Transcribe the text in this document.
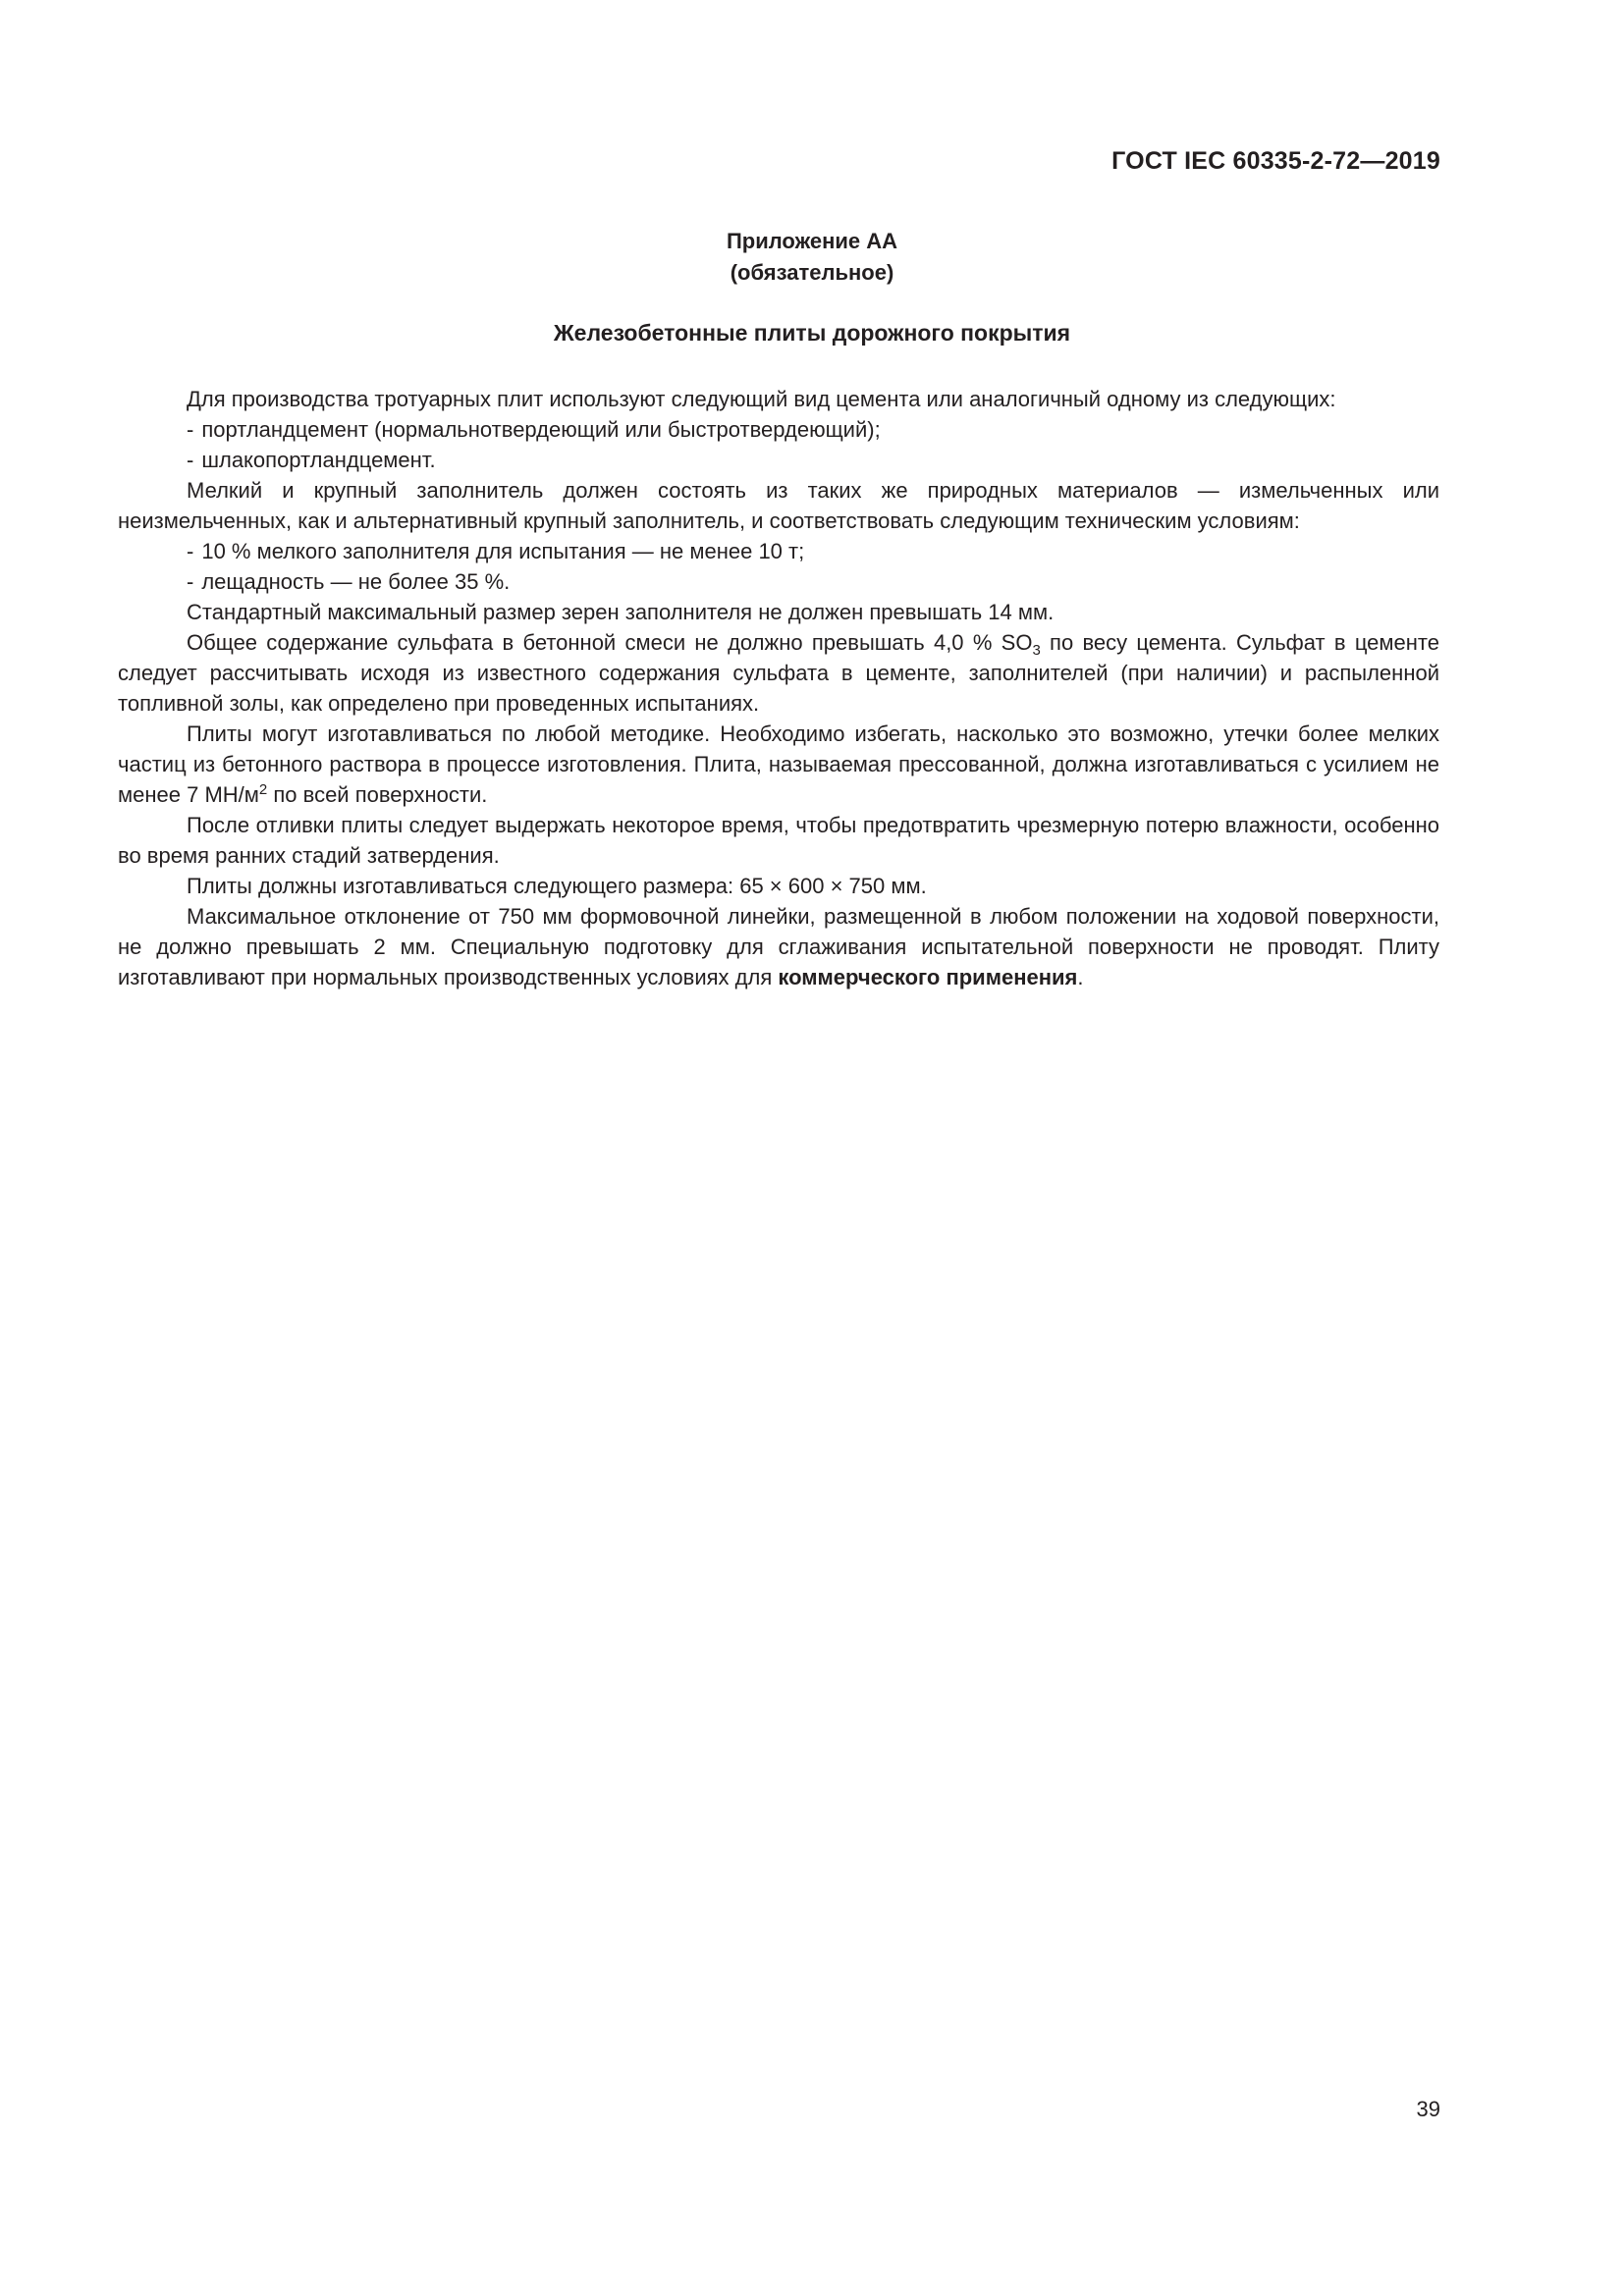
ГОСТ IEC 60335-2-72—2019
Приложение АА
(обязательное)
Железобетонные плиты дорожного покрытия

Для производства тротуарных плит используют следующий вид цемента или аналогичный одному из следующих:

- портландцемент (нормальнотвердеющий или быстротвердеющий);

- шлакопортландцемент.

Мелкий и крупный заполнитель должен состоять из таких же природных материалов — измельченных или неизмельченных, как и альтернативный крупный заполнитель, и соответствовать следующим техническим условиям:

- 10 % мелкого заполнителя для испытания — не менее 10 т;

- лещадность — не более 35 %.

Стандартный максимальный размер зерен заполнителя не должен превышать 14 мм.

Общее содержание сульфата в бетонной смеси не должно превышать 4,0 % $SO_3$ по весу цемента. Сульфат в цементе следует рассчитывать исходя из известного содержания сульфата в цементе, заполнителей (при наличии) и распыленной топливной золы, как определено при проведенных испытаниях.

Плиты могут изготавливаться по любой методике. Необходимо избегать, насколько это возможно, утечки более мелких частиц из бетонного раствора в процессе изготовления. Плита, называемая прессованной, должна изготавливаться с усилием не менее 7 $МН/м^2$ по всей поверхности.

После отливки плиты следует выдержать некоторое время, чтобы предотвратить чрезмерную потерю влажности, особенно во время ранних стадий затвердения.

Плиты должны изготавливаться следующего размера: 65 × 600 × 750 мм.

Максимальное отклонение от 750 мм формовочной линейки, размещенной в любом положении на ходовой поверхности, не должно превышать 2 мм. Специальную подготовку для сглаживания испытательной поверхности не проводят. Плиту изготавливают при нормальных производственных условиях для коммерческого применения.

39
